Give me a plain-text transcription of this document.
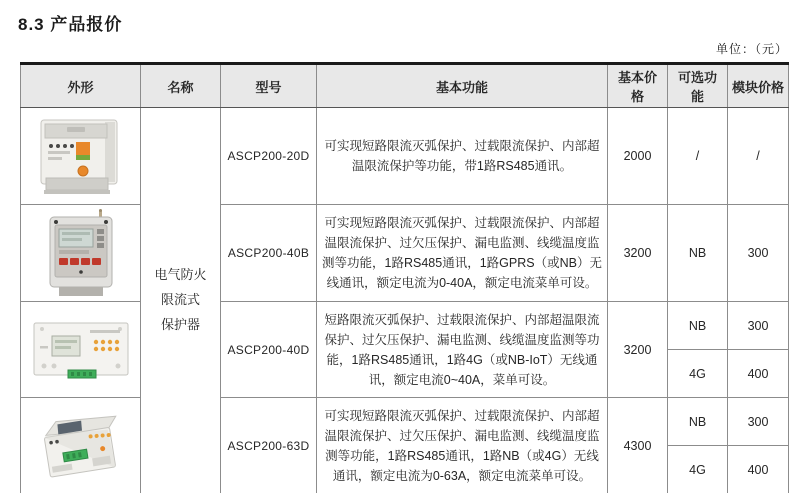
8.3 产品报价
单位：（元）
外形	名称	型号	基本功能	基本价格	可选功能	模块价格

电气防火
限流式
保护器	ASCP200-20D	可实现短路限流灭弧保护、过载限流保护、内部超温限流保护等功能，带1路RS485通讯。	2000	/	/

	ASCP200-40B	可实现短路限流灭弧保护、过载限流保护、内部超温限流保护、过欠压保护、漏电监测、线缆温度监测等功能，1路RS485通讯，1路GPRS（或NB）无线通讯，额定电流为0-40A，额定电流菜单可设。	3200	NB	300

	ASCP200-40D	短路限流灭弧保护、过载限流保护、内部超温限流保护、过欠压保护、漏电监测、线缆温度监测等功能，1路RS485通讯，1路4G（或NB-IoT）无线通讯，额定电流0~40A，菜单可设。	3200	NB	300
					4G	400

	ASCP200-63D	可实现短路限流灭弧保护、过载限流保护、内部超温限流保护、过欠压保护、漏电监测、线缆温度监测等功能，1路RS485通讯，1路NB（或4G）无线通讯，额定电流为0-63A，额定电流菜单可设。	4300	NB	300
					4G	400
